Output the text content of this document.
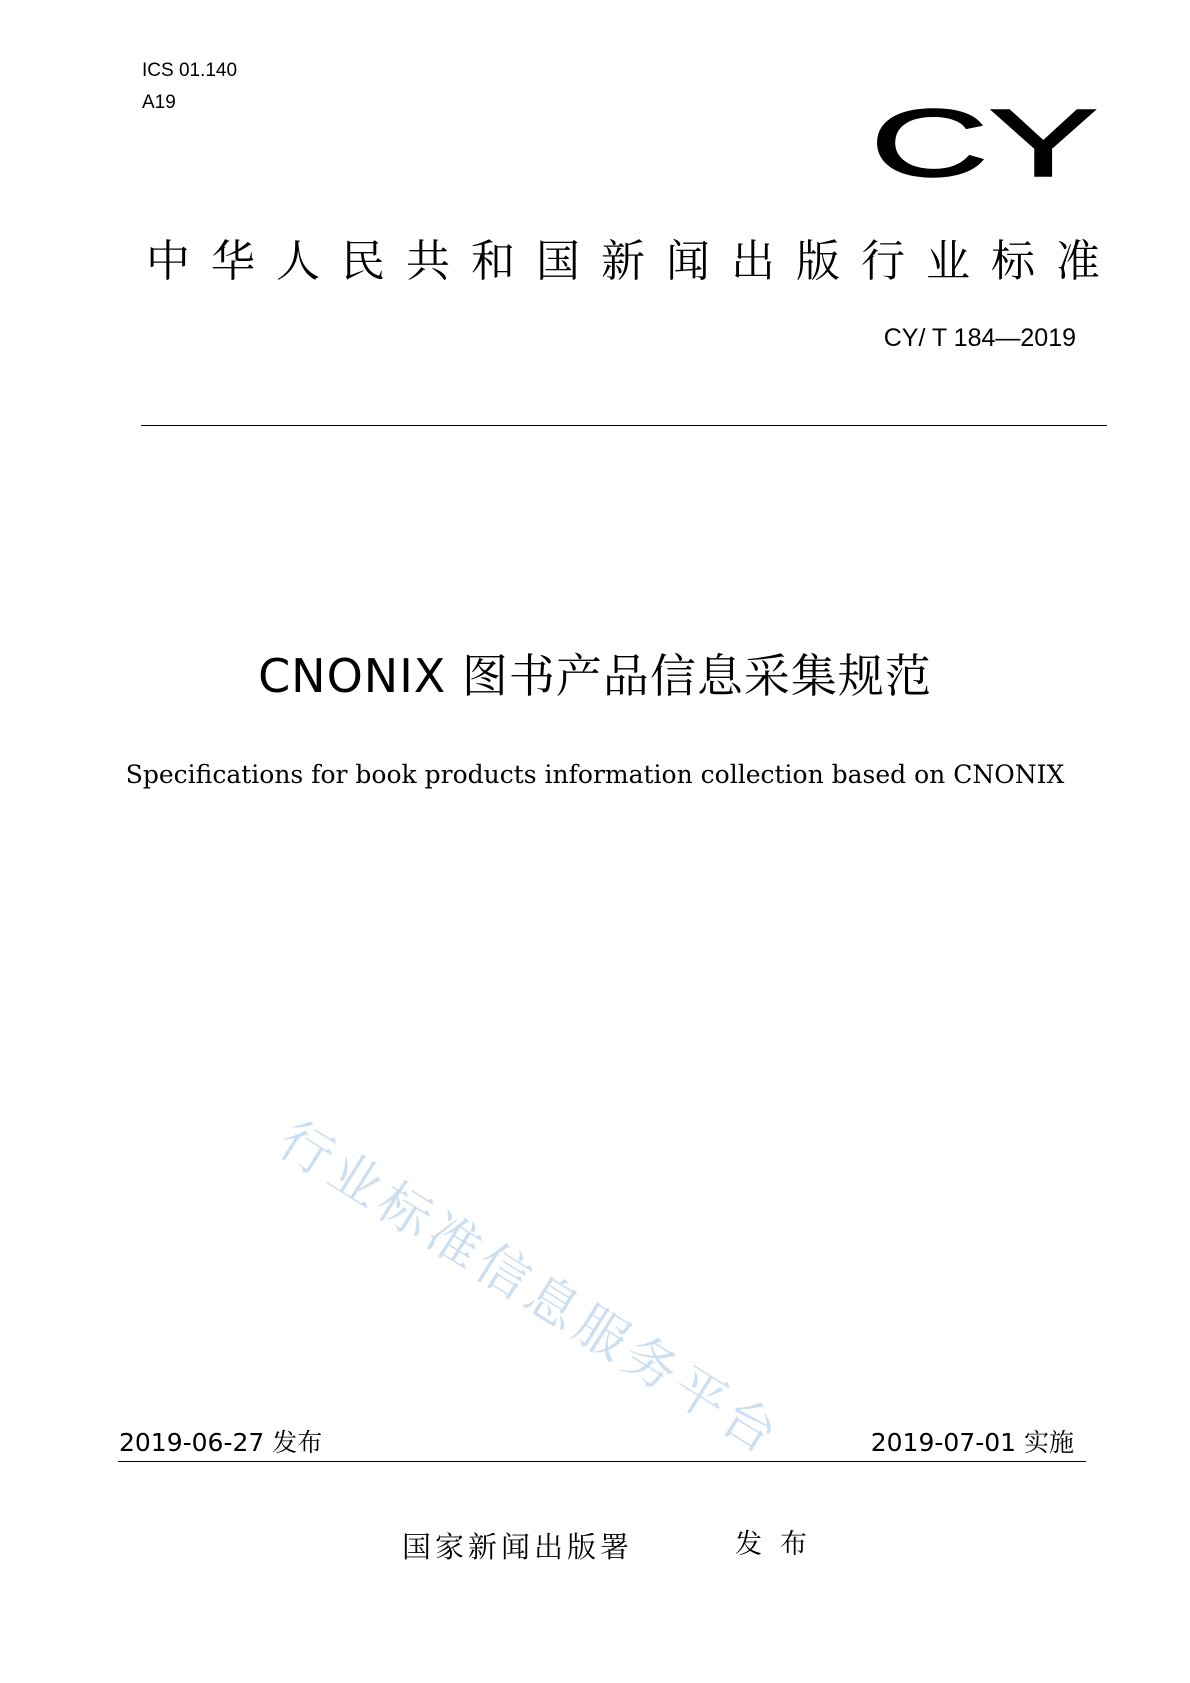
ICS 01.140
A19	CY
中华人民共和国新闻出版行业标准
CY/ T 184—2019
CNONIX 图书产品信息采集规范
Specifications for book products information collection based on CNONIX
行业标准信息服务平台
2019-06-27 发布	2019-07-01 实施
国家新闻出版署	发布
